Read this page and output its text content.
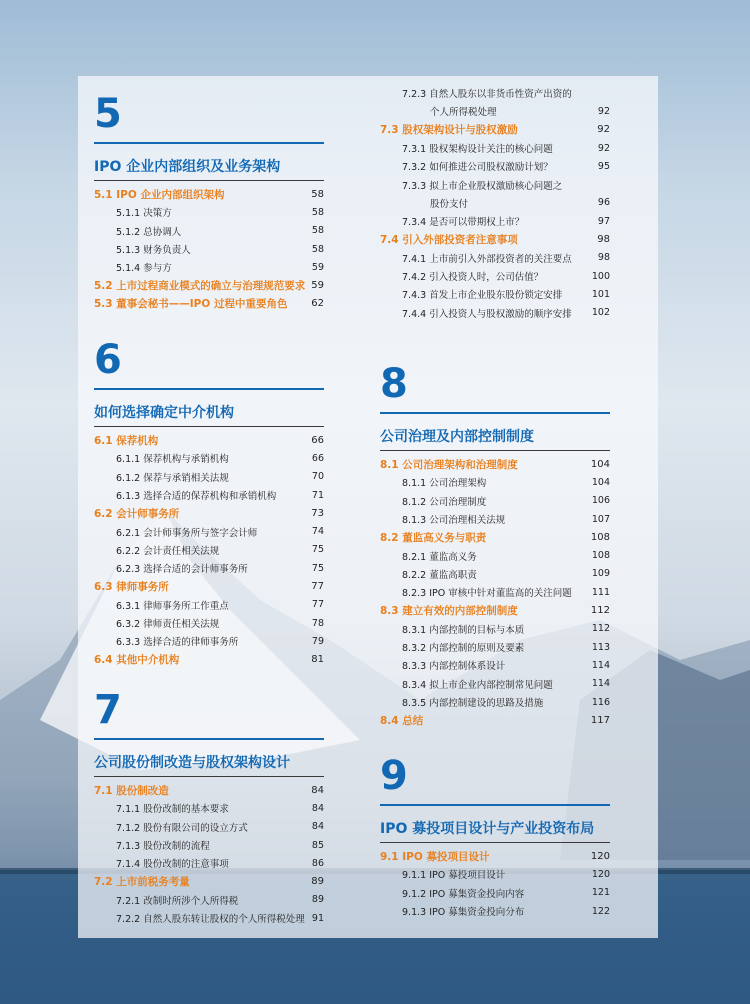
5
IPO 企业内部组织及业务架构
5.1 IPO 企业内部组织架构	58
5.1.1 决策方	58
5.1.2 总协调人	58
5.1.3 财务负责人	58
5.1.4 参与方	59
5.2 上市过程商业模式的确立与治理规范要求 59
5.3 董事会秘书——IPO 过程中重要角色 62
6
如何选择确定中介机构
6.1 保荐机构	66
6.1.1 保荐机构与承销机构	66
6.1.2 保荐与承销相关法规	70
6.1.3 选择合适的保荐机构和承销机构	71
6.2 会计师事务所	73
6.2.1 会计师事务所与签字会计师	74
6.2.2 会计责任相关法规	75
6.2.3 选择合适的会计师事务所	75
6.3 律师事务所	77
6.3.1 律师事务所工作重点	77
6.3.2 律师责任相关法规	78
6.3.3 选择合适的律师事务所	79
6.4 其他中介机构	81
7
公司股份制改造与股权架构设计
7.1 股份制改造	84
7.1.1 股份改制的基本要求	84
7.1.2 股份有限公司的设立方式	84
7.1.3 股份改制的流程	85
7.1.4 股份改制的注意事项	86
7.2 上市前税务考量	89
7.2.1 改制时所涉个人所得税	89
7.2.2 自然人股东转让股权的个人所得税处理 91
7.2.3 自然人股东以非货币性资产出资的
个人所得税处理	92
7.3 股权架构设计与股权激励	92
7.3.1 股权架构设计关注的核心问题	92
7.3.2 如何推进公司股权激励计划？	95
7.3.3 拟上市企业股权激励核心问题之
股份支付	96
7.3.4 是否可以带期权上市？	97
7.4 引入外部投资者注意事项	98
7.4.1 上市前引入外部投资者的关注要点	98
7.4.2 引入投资人时，公司估值？	100
7.4.3 首发上市企业股东股份锁定安排	101
7.4.4 引入投资人与股权激励的顺序安排 102
8
公司治理及内部控制制度
8.1 公司治理架构和治理制度	104
8.1.1 公司治理架构	104
8.1.2 公司治理制度	106
8.1.3 公司治理相关法规	107
8.2 董监高义务与职责	108
8.2.1 董监高义务	108
8.2.2 董监高职责	109
8.2.3 IPO 审核中针对董监高的关注问题 111
8.3 建立有效的内部控制制度	112
8.3.1 内部控制的目标与本质	112
8.3.2 内部控制的原则及要素	113
8.3.3 内部控制体系设计	114
8.3.4 拟上市企业内部控制常见问题	114
8.3.5 内部控制建设的思路及措施	116
8.4 总结	117
9
IPO 募投项目设计与产业投资布局
9.1 IPO 募投项目设计	120
9.1.1 IPO 募投项目设计	120
9.1.2 IPO 募集资金投向内容	121
9.1.3 IPO 募集资金投向分布	122
